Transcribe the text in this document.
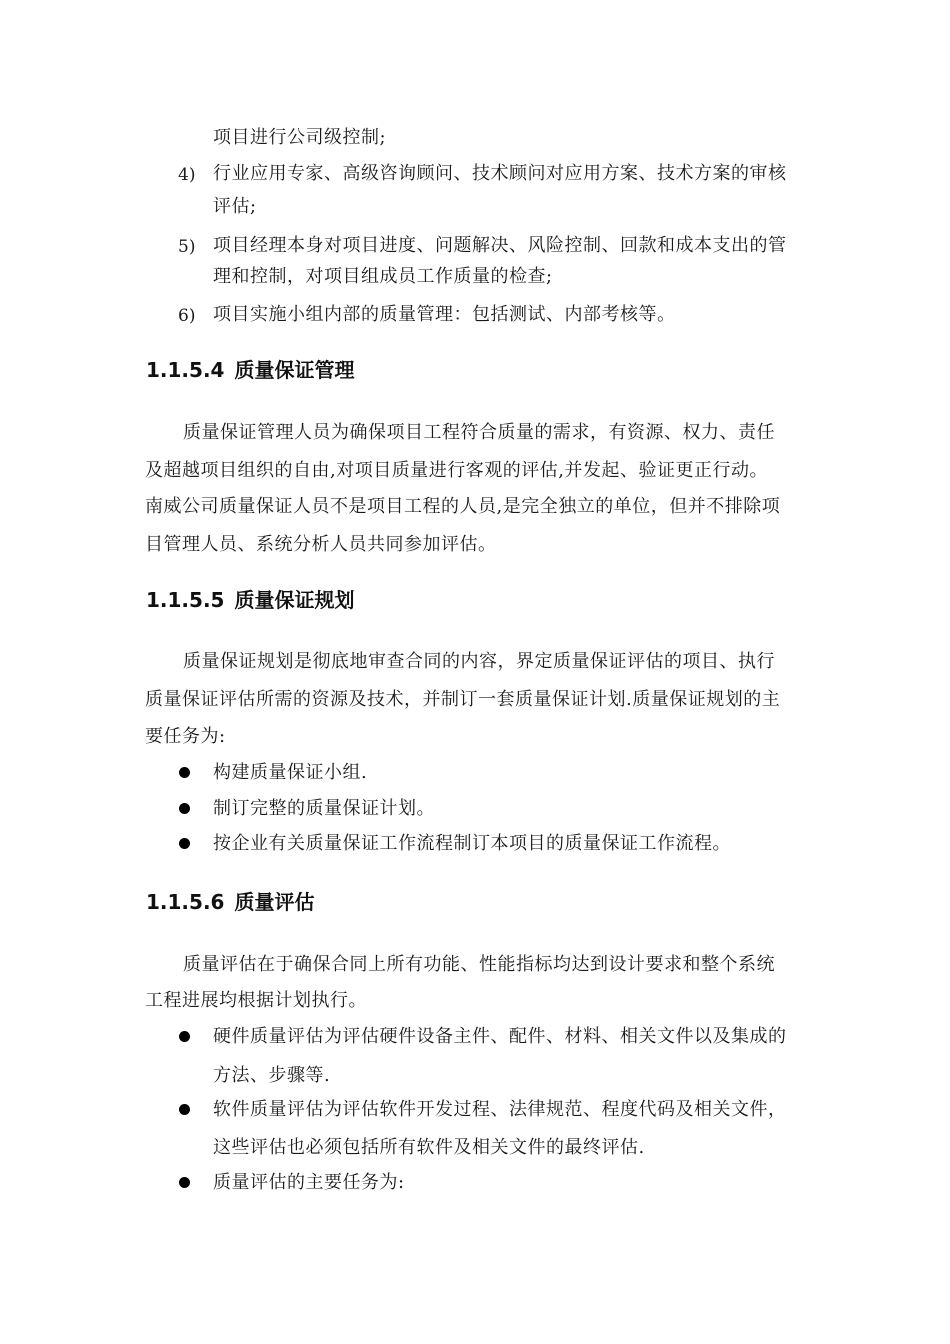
项目进行公司级控制;
4) 行业应用专家、高级咨询顾问、技术顾问对应用方案、技术方案的审核
评估;
5) 项目经理本身对项目进度、问题解决、风险控制、回款和成本支出的管
理和控制，对项目组成员工作质量的检查;
6) 项目实施小组内部的质量管理：包括测试、内部考核等。
1.1.5.4 质量保证管理
质量保证管理人员为确保项目工程符合质量的需求，有资源、权力、责任
及超越项目组织的自由,对项目质量进行客观的评估,并发起、验证更正行动。
南威公司质量保证人员不是项目工程的人员,是完全独立的单位，但并不排除项
目管理人员、系统分析人员共同参加评估。
1.1.5.5 质量保证规划
质量保证规划是彻底地审查合同的内容，界定质量保证评估的项目、执行
质量保证评估所需的资源及技术，并制订一套质量保证计划.质量保证规划的主
要任务为:
构建质量保证小组.
制订完整的质量保证计划。
按企业有关质量保证工作流程制订本项目的质量保证工作流程。
1.1.5.6 质量评估
质量评估在于确保合同上所有功能、性能指标均达到设计要求和整个系统
工程进展均根据计划执行。
硬件质量评估为评估硬件设备主件、配件、材料、相关文件以及集成的
方法、步骤等.
软件质量评估为评估软件开发过程、法律规范、程度代码及相关文件，
这些评估也必须包括所有软件及相关文件的最终评估.
质量评估的主要任务为:
